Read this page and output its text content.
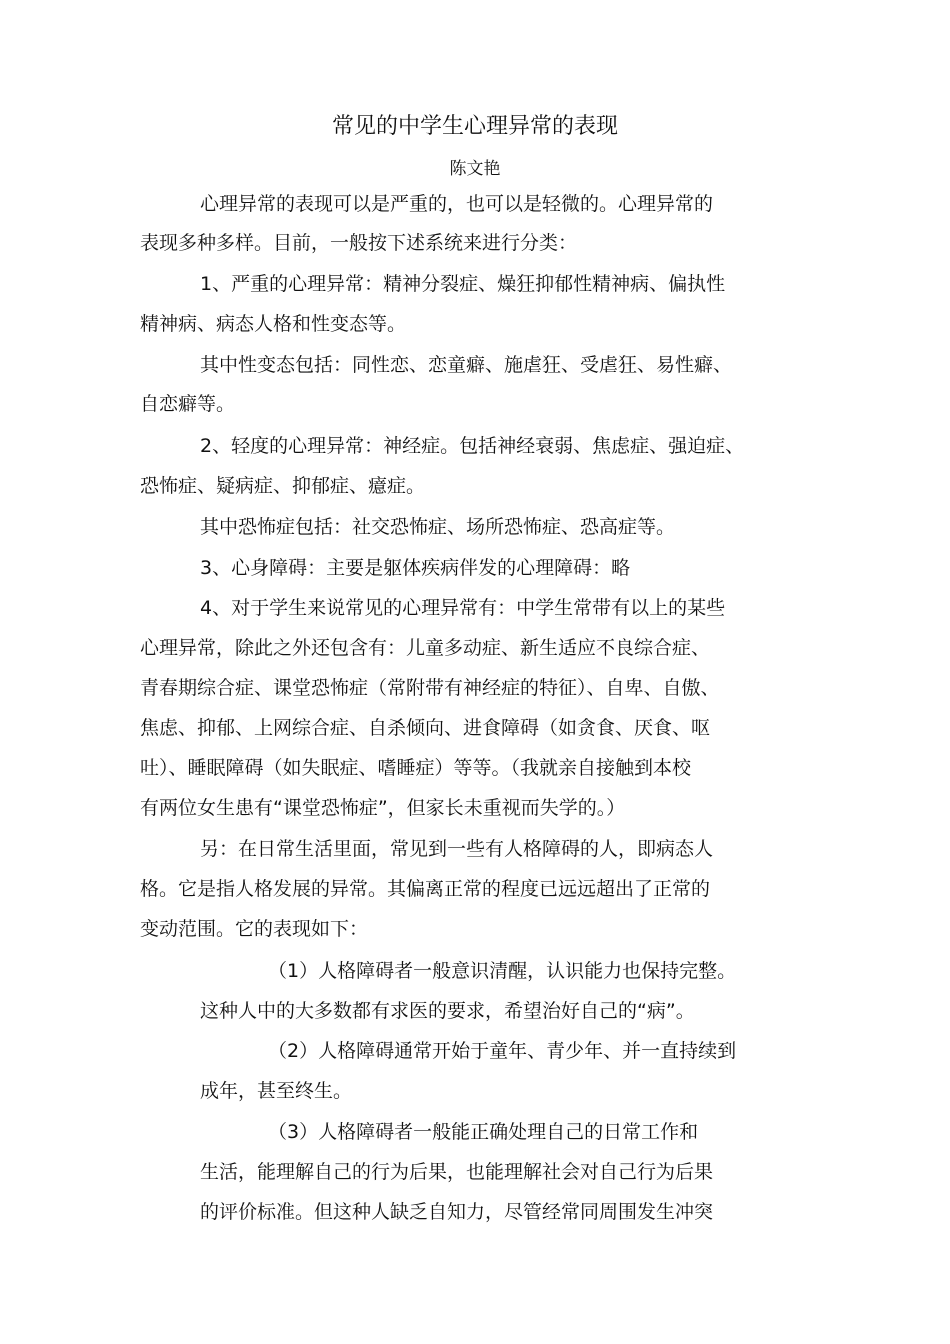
常见的中学生心理异常的表现
陈文艳
心理异常的表现可以是严重的，也可以是轻微的。心理异常的
表现多种多样。目前，一般按下述系统来进行分类：
1、严重的心理异常：精神分裂症、燥狂抑郁性精神病、偏执性
精神病、病态人格和性变态等。
其中性变态包括：同性恋、恋童癖、施虐狂、受虐狂、易性癖、
自恋癖等。
2、轻度的心理异常：神经症。包括神经衰弱、焦虑症、强迫症、
恐怖症、疑病症、抑郁症、癔症。
其中恐怖症包括：社交恐怖症、场所恐怖症、恐高症等。
3、心身障碍：主要是躯体疾病伴发的心理障碍：略
4、对于学生来说常见的心理异常有：中学生常带有以上的某些
心理异常，除此之外还包含有：儿童多动症、新生适应不良综合症、
青春期综合症、课堂恐怖症（常附带有神经症的特征）、自卑、自傲、
焦虑、抑郁、上网综合症、自杀倾向、进食障碍（如贪食、厌食、呕
吐）、睡眠障碍（如失眠症、嗜睡症）等等。（我就亲自接触到本校
有两位女生患有“课堂恐怖症”，但家长未重视而失学的。）
另：在日常生活里面，常见到一些有人格障碍的人，即病态人
格。它是指人格发展的异常。其偏离正常的程度已远远超出了正常的
变动范围。它的表现如下：
（1）人格障碍者一般意识清醒，认识能力也保持完整。
这种人中的大多数都有求医的要求，希望治好自己的“病”。
（2）人格障碍通常开始于童年、青少年、并一直持续到
成年，甚至终生。
（3）人格障碍者一般能正确处理自己的日常工作和
生活，能理解自己的行为后果，也能理解社会对自己行为后果
的评价标准。但这种人缺乏自知力，尽管经常同周围发生冲突
